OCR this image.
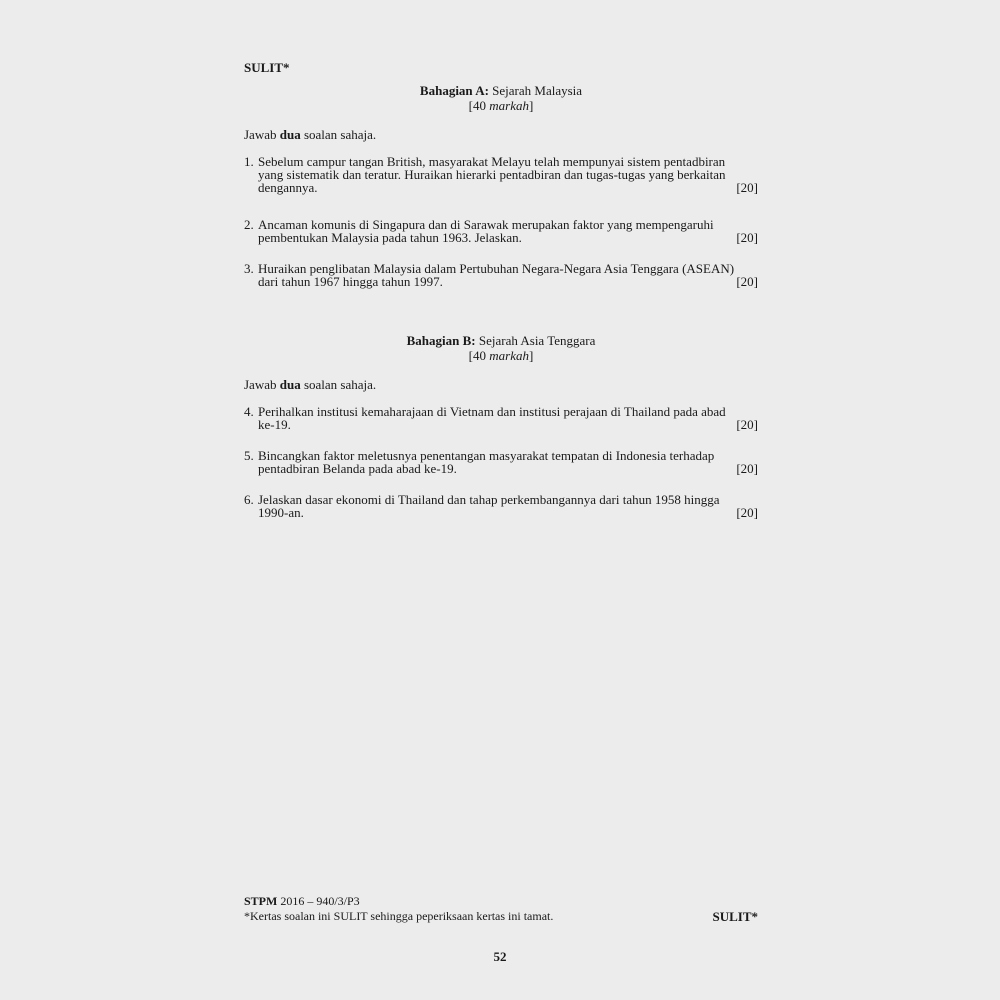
SULIT*
Bahagian A: Sejarah Malaysia
[40 markah]
Jawab dua soalan sahaja.
1. Sebelum campur tangan British, masyarakat Melayu telah mempunyai sistem pentadbiran
yang sistematik dan teratur. Huraikan hierarki pentadbiran dan tugas-tugas yang berkaitan
dengannya.	[20]
2. Ancaman komunis di Singapura dan di Sarawak merupakan faktor yang mempengaruhi
pembentukan Malaysia pada tahun 1963. Jelaskan.	[20]
3. Huraikan penglibatan Malaysia dalam Pertubuhan Negara-Negara Asia Tenggara (ASEAN)
dari tahun 1967 hingga tahun 1997.	[20]
Bahagian B: Sejarah Asia Tenggara
[40 markah]
Jawab dua soalan sahaja.
4. Perihalkan institusi kemaharajaan di Vietnam dan institusi perajaan di Thailand pada abad
ke-19.	[20]
5. Bincangkan faktor meletusnya penentangan masyarakat tempatan di Indonesia terhadap
pentadbiran Belanda pada abad ke-19.	[20]
6. Jelaskan dasar ekonomi di Thailand dan tahap perkembangannya dari tahun 1958 hingga
1990-an.	[20]
STPM 2016 – 940/3/P3
*Kertas soalan ini SULIT sehingga peperiksaan kertas ini tamat.	SULIT*
52
